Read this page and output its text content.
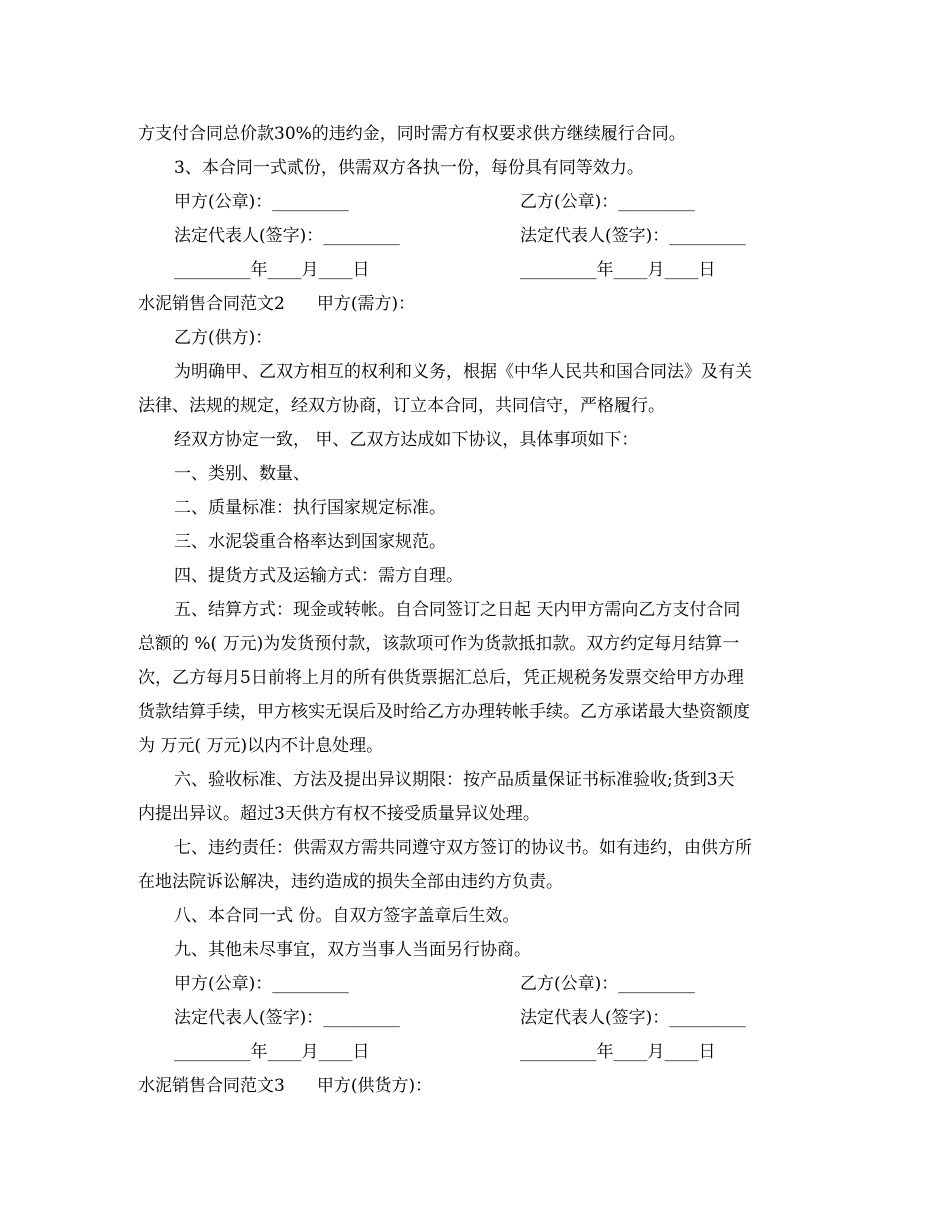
方支付合同总价款30%的违约金，同时需方有权要求供方继续履行合同。
3、本合同一式贰份，供需双方各执一份，每份具有同等效力。
甲方(公章)：_________	乙方(公章)：_________
法定代表人(签字)：_________	法定代表人(签字)：_________
_________年____月____日	_________年____月____日
水泥销售合同范文2 甲方(需方)：
乙方(供方)：
为明确甲、乙双方相互的权利和义务，根据《中华人民共和国合同法》及有关
法律、法规的规定，经双方协商，订立本合同，共同信守，严格履行。
经双方协定一致， 甲、乙双方达成如下协议，具体事项如下：
一、类别、数量、
二、质量标准：执行国家规定标准。
三、水泥袋重合格率达到国家规范。
四、提货方式及运输方式：需方自理。
五、结算方式：现金或转帐。自合同签订之日起 天内甲方需向乙方支付合同
总额的 %( 万元)为发货预付款，该款项可作为货款抵扣款。双方约定每月结算一
次，乙方每月5日前将上月的所有供货票据汇总后，凭正规税务发票交给甲方办理
货款结算手续，甲方核实无误后及时给乙方办理转帐手续。乙方承诺最大垫资额度
为 万元( 万元)以内不计息处理。
六、验收标准、方法及提出异议期限：按产品质量保证书标准验收;货到3天
内提出异议。超过3天供方有权不接受质量异议处理。
七、违约责任：供需双方需共同遵守双方签订的协议书。如有违约，由供方所
在地法院诉讼解决，违约造成的损失全部由违约方负责。
八、本合同一式 份。自双方签字盖章后生效。
九、其他未尽事宜，双方当事人当面另行协商。
甲方(公章)：_________	乙方(公章)：_________
法定代表人(签字)：_________	法定代表人(签字)：_________
_________年____月____日	_________年____月____日
水泥销售合同范文3 甲方(供货方)：
